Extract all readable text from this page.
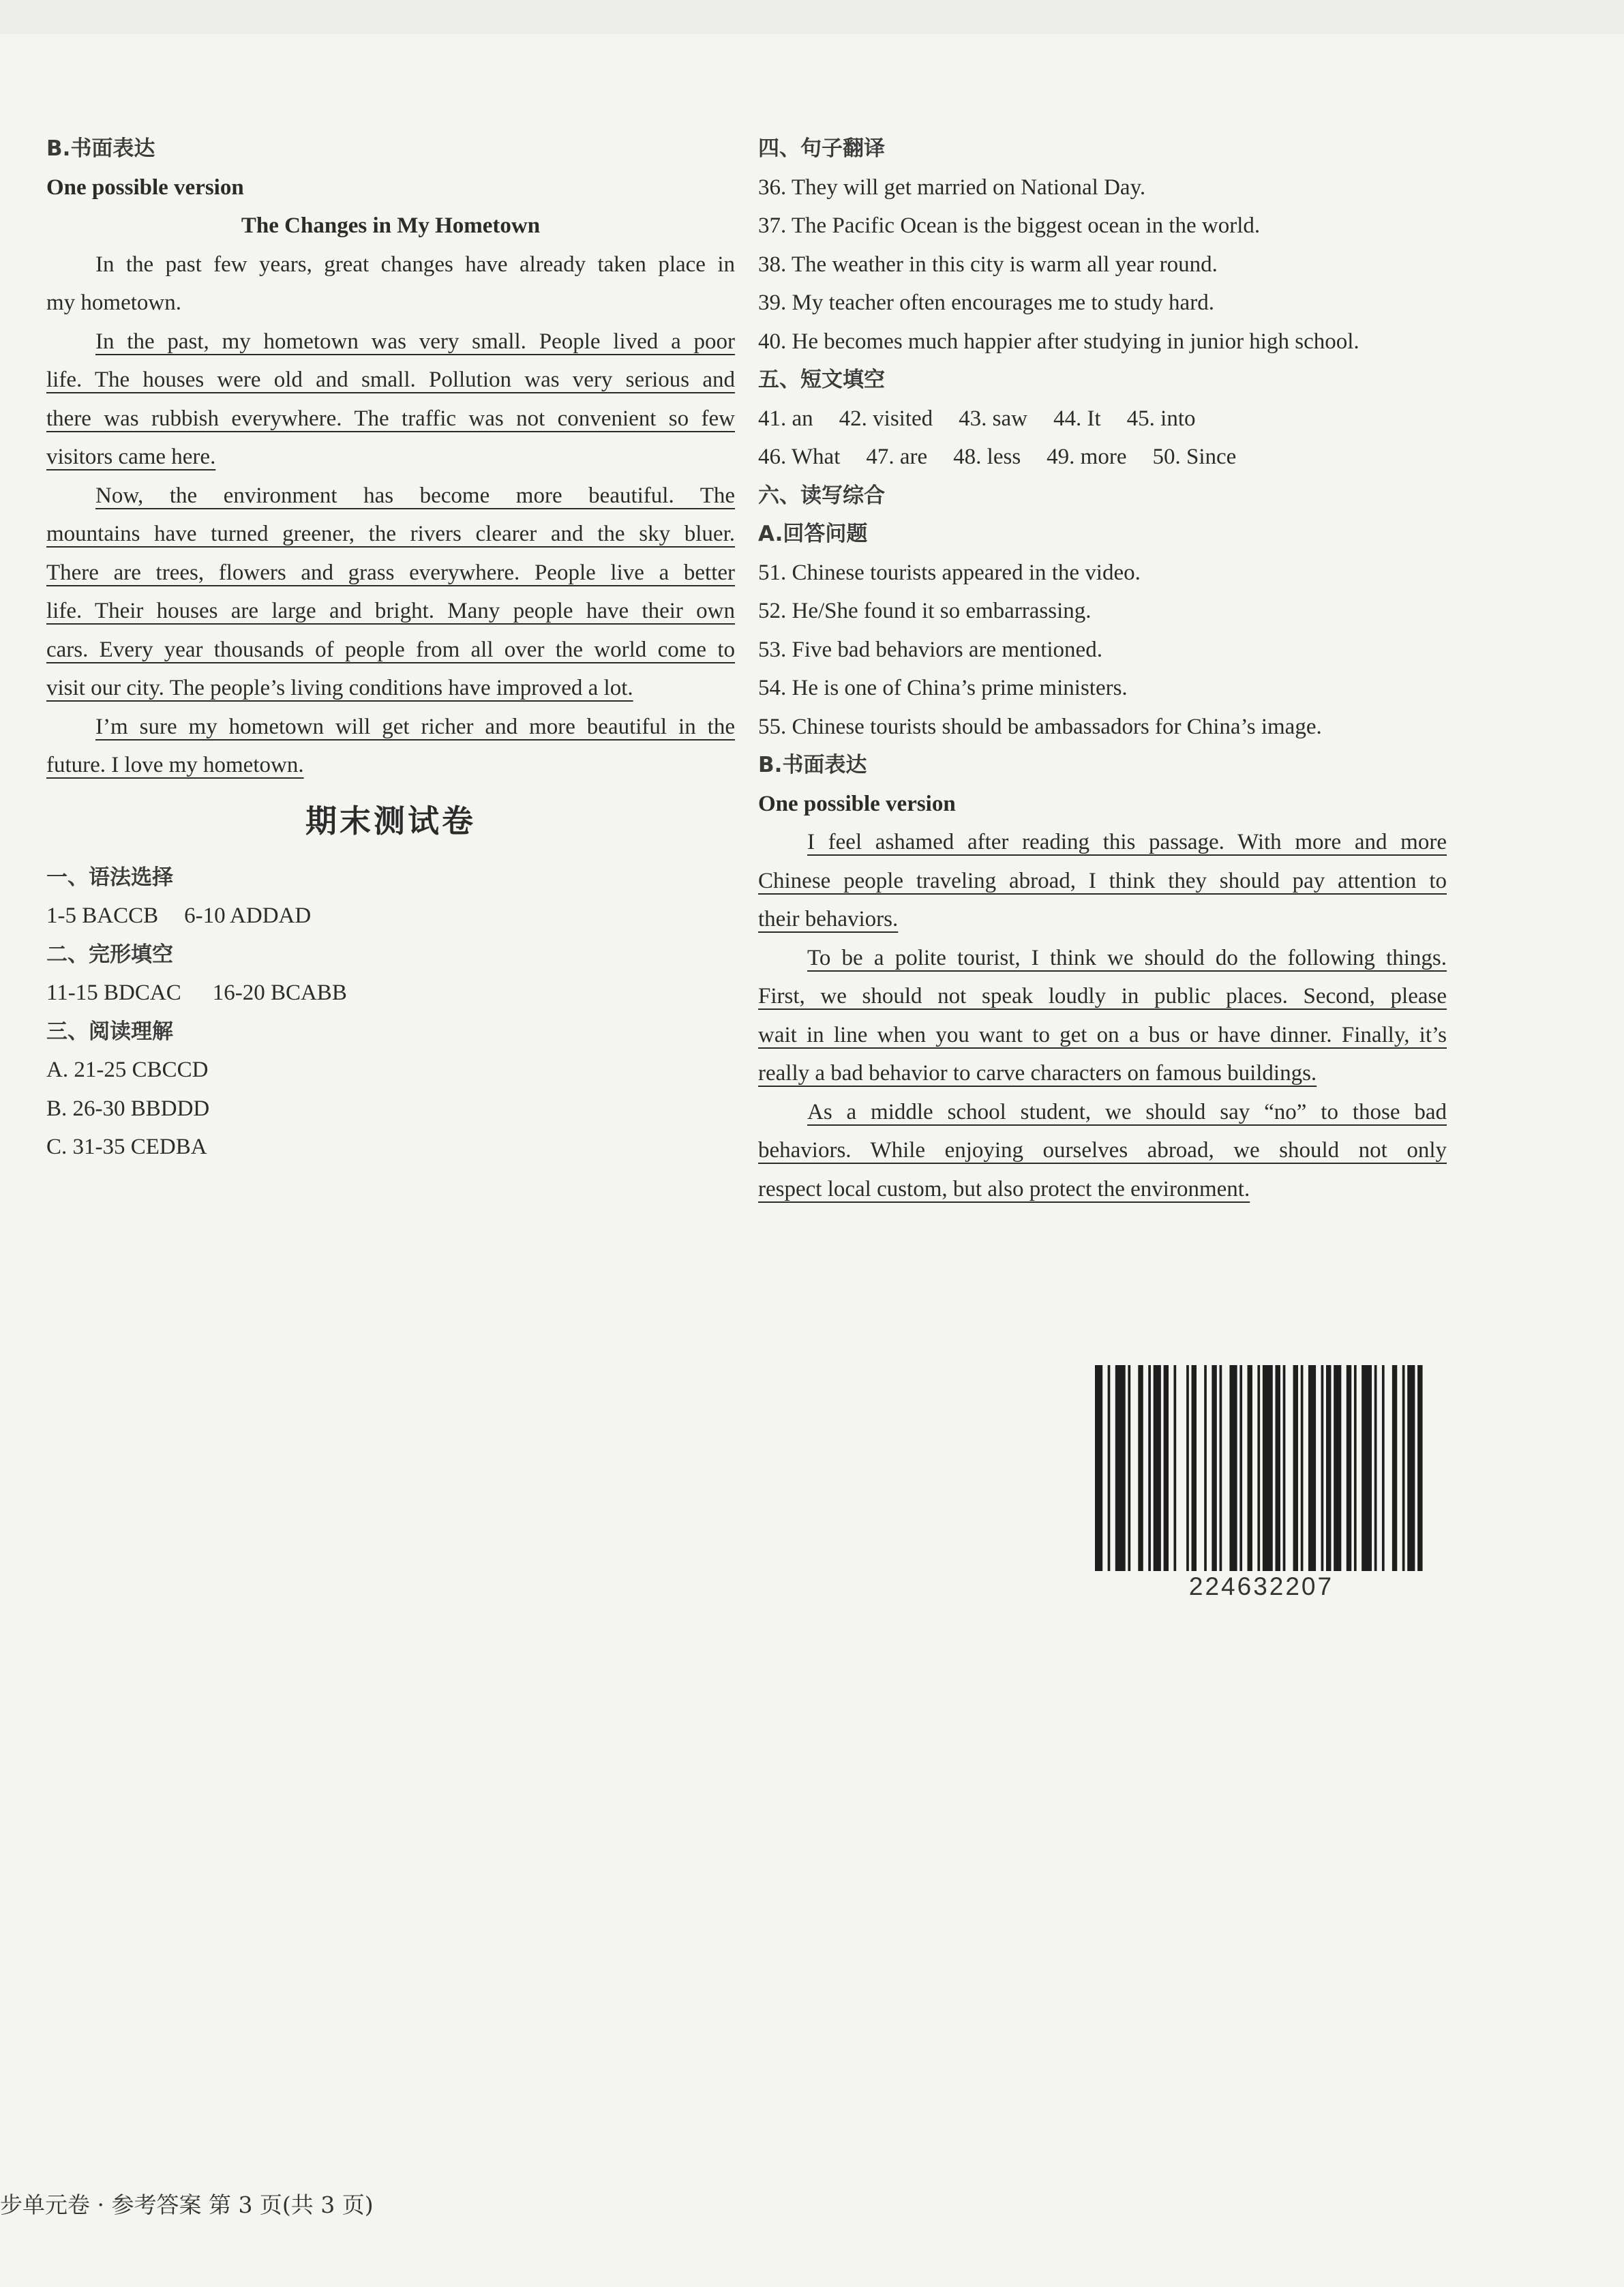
B.书面表达
One possible version
The Changes in My Hometown
In the past few years, great changes have already taken place in
my hometown.
In the past, my hometown was very small. People lived a poor
life. The houses were old and small. Pollution was very serious and
there was rubbish everywhere. The traffic was not convenient so few
visitors came here.
Now, the environment has become more beautiful. The
mountains have turned greener, the rivers clearer and the sky bluer.
There are trees, flowers and grass everywhere. People live a better
life. Their houses are large and bright. Many people have their own
cars. Every year thousands of people from all over the world come to
visit our city. The people’s living conditions have improved a lot.
I’m sure my hometown will get richer and more beautiful in the
future. I love my hometown.
期末测试卷
一、语法选择
1-5 BACCB 6-10 ADDAD
二、完形填空
11-15 BDCAC 16-20 BCABB
三、阅读理解
A. 21-25 CBCCD
B. 26-30 BBDDD
C. 31-35 CEDBA
四、句子翻译
36. They will get married on National Day.
37. The Pacific Ocean is the biggest ocean in the world.
38. The weather in this city is warm all year round.
39. My teacher often encourages me to study hard.
40. He becomes much happier after studying in junior high school.
五、短文填空
41. an 42. visited 43. saw 44. It 45. into
46. What 47. are 48. less 49. more 50. Since
六、读写综合
A.回答问题
51. Chinese tourists appeared in the video.
52. He/She found it so embarrassing.
53. Five bad behaviors are mentioned.
54. He is one of China’s prime ministers.
55. Chinese tourists should be ambassadors for China’s image.
B.书面表达
One possible version
I feel ashamed after reading this passage. With more and more
Chinese people traveling abroad, I think they should pay attention to
their behaviors.
To be a polite tourist, I think we should do the following things.
First, we should not speak loudly in public places. Second, please
wait in line when you want to get on a bus or have dinner. Finally, it’s
really a bad behavior to carve characters on famous buildings.
As a middle school student, we should say “no” to those bad
behaviors. While enjoying ourselves abroad, we should not only
respect local custom, but also protect the environment.
224632207
步单元卷 · 参考答案 第 3 页(共 3 页)
